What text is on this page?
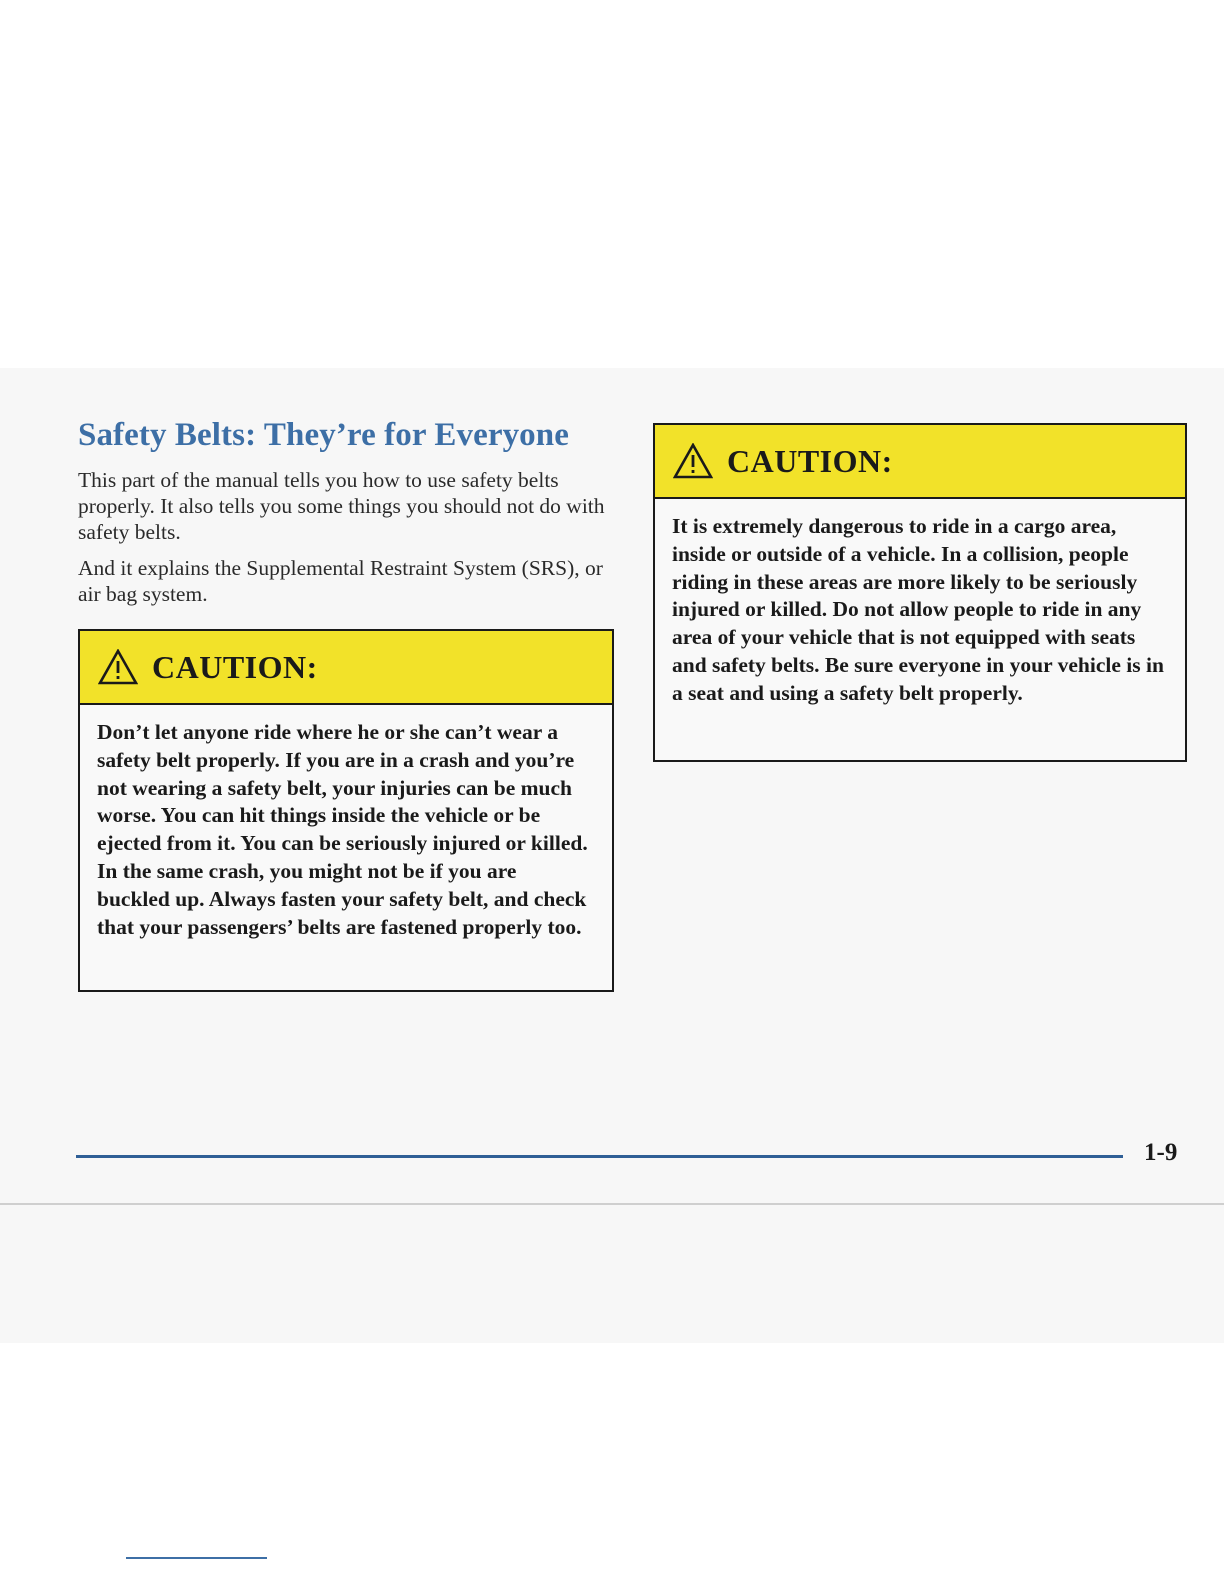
Safety Belts: They’re for Everyone

This part of the manual tells you how to use safety belts properly. It also tells you some things you should not do with safety belts.

And it explains the Supplemental Restraint System (SRS), or air bag system.

CAUTION:

Don’t let anyone ride where he or she can’t wear a safety belt properly. If you are in a crash and you’re not wearing a safety belt, your injuries can be much worse. You can hit things inside the vehicle or be ejected from it. You can be seriously injured or killed. In the same crash, you might not be if you are buckled up. Always fasten your safety belt, and check that your passengers’ belts are fastened properly too.

CAUTION:

It is extremely dangerous to ride in a cargo area, inside or outside of a vehicle. In a collision, people riding in these areas are more likely to be seriously injured or killed. Do not allow people to ride in any area of your vehicle that is not equipped with seats and safety belts. Be sure everyone in your vehicle is in a seat and using a safety belt properly.

1-9
